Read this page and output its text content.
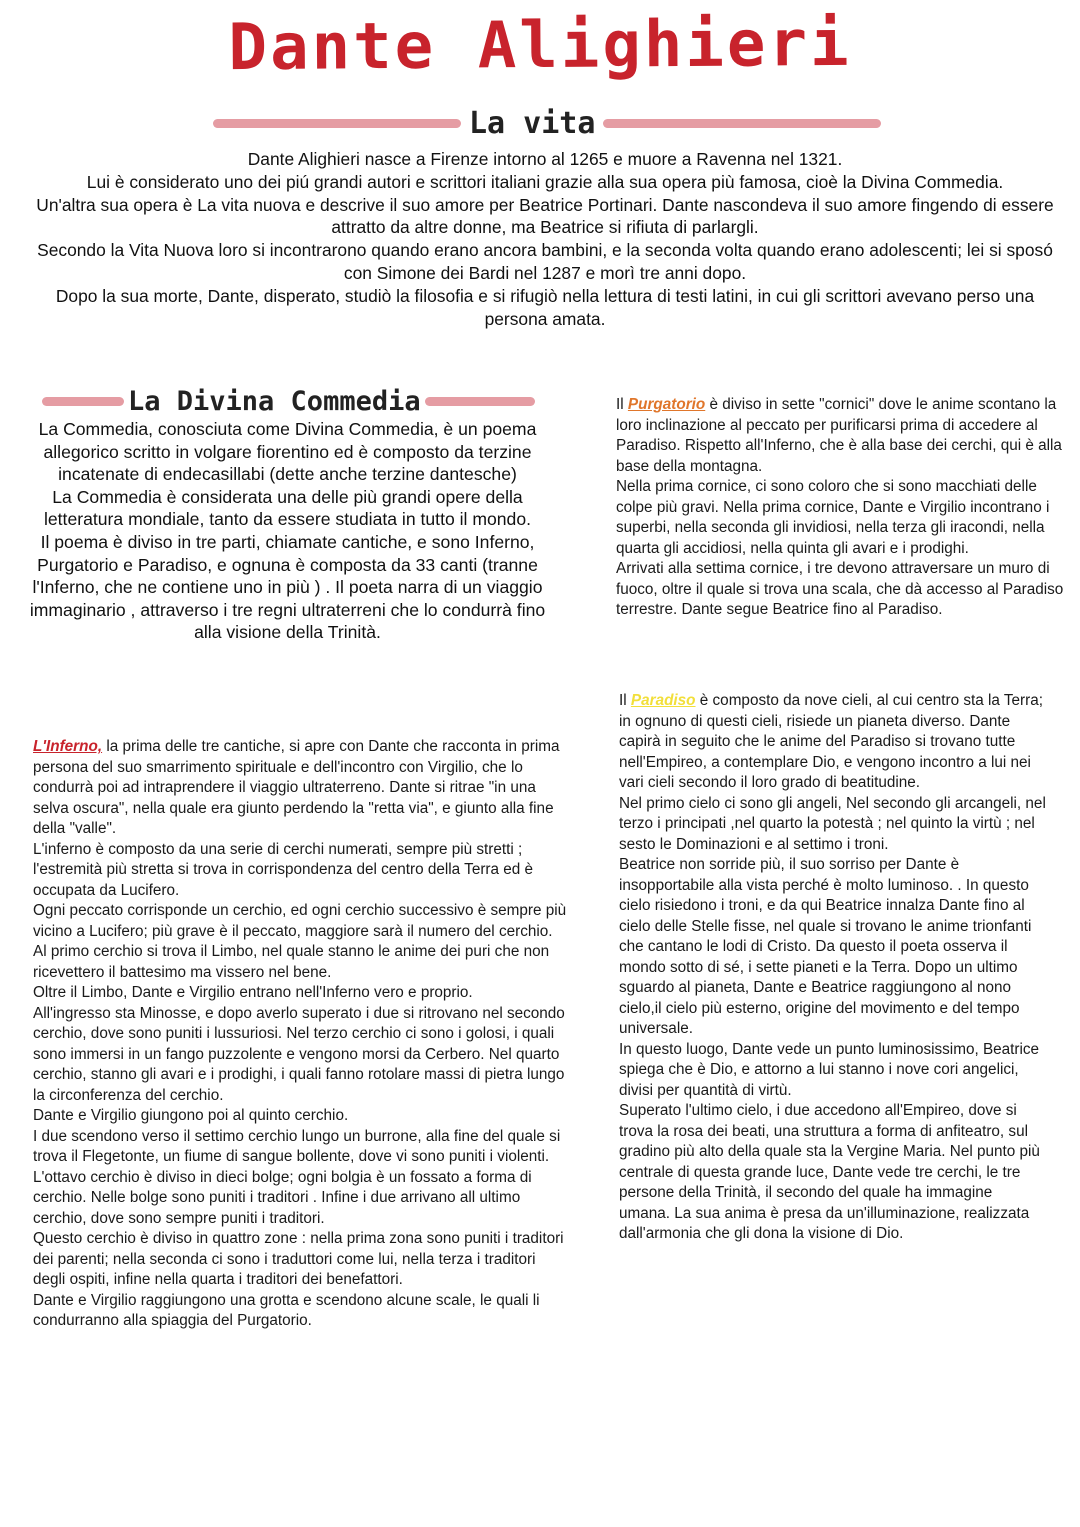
Dante Alighieri
La vita

Dante Alighieri nasce a Firenze intorno al 1265 e muore a Ravenna nel 1321.

Lui è considerato uno dei piú grandi autori e scrittori italiani grazie alla sua opera più famosa, cioè la Divina Commedia.

Un'altra sua opera è La vita nuova e descrive il suo amore per Beatrice Portinari. Dante nascondeva il suo amore fingendo di essere attratto da altre donne, ma Beatrice si rifiuta di parlargli.

Secondo la Vita Nuova loro si incontrarono quando erano ancora bambini, e la seconda volta quando erano adolescenti; lei si sposó con Simone dei Bardi nel 1287 e morì tre anni dopo.

Dopo la sua morte, Dante, disperato, studiò la filosofia e si rifugiò nella lettura di testi latini, in cui gli scrittori avevano perso una persona amata.

La Divina Commedia

La Commedia, conosciuta come Divina Commedia, è un poema allegorico scritto in volgare fiorentino ed è composto da terzine incatenate di endecasillabi (dette anche terzine dantesche)

La Commedia è considerata una delle più grandi opere della letteratura mondiale, tanto da essere studiata in tutto il mondo.

Il poema è diviso in tre parti, chiamate cantiche, e sono Inferno, Purgatorio e Paradiso, e ognuna è composta da 33 canti (tranne l'Inferno, che ne contiene uno in più ) . Il poeta narra di un viaggio immaginario , attraverso i tre regni ultraterreni che lo condurrà fino alla visione della Trinità.

L'Inferno, la prima delle tre cantiche, si apre con Dante che racconta in prima persona del suo smarrimento spirituale e dell'incontro con Virgilio, che lo condurrà poi ad intraprendere il viaggio ultraterreno. Dante si ritrae "in una selva oscura", nella quale era giunto perdendo la "retta via", e giunto alla fine della "valle".

L'inferno è composto da una serie di cerchi numerati, sempre più stretti ; l'estremità più stretta si trova in corrispondenza del centro della Terra ed è occupata da Lucifero.

Ogni peccato corrisponde un cerchio, ed ogni cerchio successivo è sempre più vicino a Lucifero; più grave è il peccato, maggiore sarà il numero del cerchio.

Al primo cerchio si trova il Limbo, nel quale stanno le anime dei puri che non ricevettero il battesimo ma vissero nel bene.

Oltre il Limbo, Dante e Virgilio entrano nell'Inferno vero e proprio.

All'ingresso sta Minosse, e dopo averlo superato i due si ritrovano nel secondo cerchio, dove sono puniti i lussuriosi. Nel terzo cerchio ci sono i golosi, i quali sono immersi in un fango puzzolente e vengono morsi da Cerbero. Nel quarto cerchio, stanno gli avari e i prodighi, i quali fanno rotolare massi di pietra lungo la circonferenza del cerchio.

Dante e Virgilio giungono poi al quinto cerchio.

I due scendono verso il settimo cerchio lungo un burrone, alla fine del quale si trova il Flegetonte, un fiume di sangue bollente, dove vi sono puniti i violenti.

L'ottavo cerchio è diviso in dieci bolge; ogni bolgia è un fossato a forma di cerchio. Nelle bolge sono puniti i traditori . Infine i due arrivano all ultimo cerchio, dove sono sempre puniti i traditori.

Questo cerchio è diviso in quattro zone : nella prima zona sono puniti i traditori dei parenti; nella seconda ci sono i traduttori come lui, nella terza i traditori degli ospiti, infine nella quarta i traditori dei benefattori.

Dante e Virgilio raggiungono una grotta e scendono alcune scale, le quali li condurranno alla spiaggia del Purgatorio.

Il Purgatorio è diviso in sette "cornici" dove le anime scontano la loro inclinazione al peccato per purificarsi prima di accedere al Paradiso. Rispetto all'Inferno, che è alla base dei cerchi, qui è alla base della montagna.

Nella prima cornice, ci sono coloro che si sono macchiati delle colpe più gravi. Nella prima cornice, Dante e Virgilio incontrano i superbi, nella seconda gli invidiosi, nella terza gli iracondi, nella quarta gli accidiosi, nella quinta gli avari e i prodighi.

Arrivati alla settima cornice, i tre devono attraversare un muro di fuoco, oltre il quale si trova una scala, che dà accesso al Paradiso terrestre. Dante segue Beatrice fino al Paradiso.

Il Paradiso è composto da nove cieli, al cui centro sta la Terra; in ognuno di questi cieli, risiede un pianeta diverso. Dante capirà in seguito che le anime del Paradiso si trovano tutte nell'Empireo, a contemplare Dio, e vengono incontro a lui nei vari cieli secondo il loro grado di beatitudine.

Nel primo cielo ci sono gli angeli, Nel secondo gli arcangeli, nel terzo i principati ,nel quarto la potestà ; nel quinto la virtù ; nel sesto le Dominazioni e al settimo i troni.

Beatrice non sorride più, il suo sorriso per Dante è insopportabile alla vista perché è molto luminoso. . In questo cielo risiedono i troni, e da qui Beatrice innalza Dante fino al cielo delle Stelle fisse, nel quale si trovano le anime trionfanti che cantano le lodi di Cristo. Da questo il poeta osserva il mondo sotto di sé, i sette pianeti e la Terra. Dopo un ultimo sguardo al pianeta, Dante e Beatrice raggiungono al nono cielo,il cielo più esterno, origine del movimento e del tempo universale.

In questo luogo, Dante vede un punto luminosissimo, Beatrice spiega che è Dio, e attorno a lui stanno i nove cori angelici, divisi per quantità di virtù.

Superato l'ultimo cielo, i due accedono all'Empireo, dove si trova la rosa dei beati, una struttura a forma di anfiteatro, sul gradino più alto della quale sta la Vergine Maria. Nel punto più centrale di questa grande luce, Dante vede tre cerchi, le tre persone della Trinità, il secondo del quale ha immagine umana. La sua anima è presa da un'illuminazione, realizzata dall'armonia che gli dona la visione di Dio.
